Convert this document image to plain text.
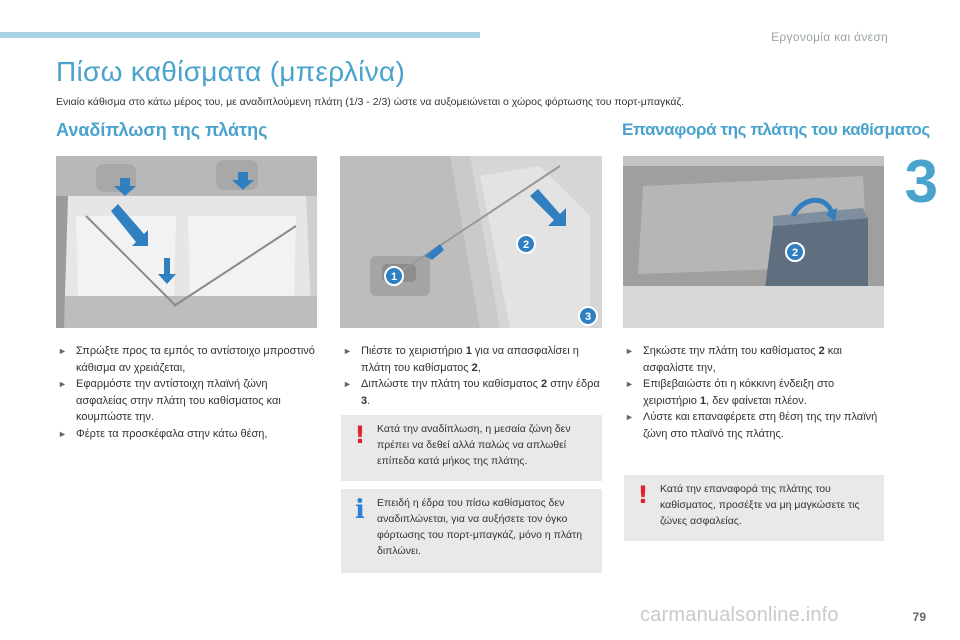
Εργονομία και άνεση
3
Πίσω καθίσματα (μπερλίνα)
Ενιαίο κάθισμα στο κάτω μέρος του, με αναδιπλούμενη πλάτη (1/3 - 2/3) ώστε να αυξομειώνεται ο χώρος φόρτωσης του πορτ-μπαγκάζ.
Αναδίπλωση της πλάτης	Επαναφορά της πλάτης του καθίσματος
1
2
3
2
► Σπρώξτε προς τα εμπός το αντίστοιχο μπροστινό κάθισμα αν χρειάζεται,
► Εφαρμόστε την αντίστοιχη πλαϊνή ζώνη ασφαλείας στην πλάτη του καθίσματος και κουμπώστε την.
► Φέρτε τα προσκέφαλα στην κάτω θέση,
► Πιέστε το χειριστήριο 1 για να απασφαλίσει η πλάτη του καθίσματος 2,
► Διπλώστε την πλάτη του καθίσματος 2 στην έδρα 3.
!	Κατά την αναδίπλωση, η μεσαία ζώνη δεν πρέπει να δεθεί αλλά παλώς να απλωθεί επίπεδα κατά μήκος της πλάτης.
i	Επειδή η έδρα του πίσω καθίσματος δεν αναδιπλώνεται, για να αυξήσετε τον όγκο φόρτωσης του πορτ-μπαγκάζ, μόνο η πλάτη διπλώνει.
► Σηκώστε την πλάτη του καθίσματος 2 και ασφαλίστε την,
► Επιβεβαιώστε ότι η κόκκινη ένδειξη στο χειριστήριο 1, δεν φαίνεται πλέον.
► Λύστε και επαναφέρετε στη θέση της την πλαϊνή ζώνη στο πλαϊνό της πλάτης.
!	Κατά την επαναφορά της πλάτης του καθίσματος, προσέξτε να μη μαγκώσετε τις ζώνες ασφαλείας.
carmanualsonline.info	79
